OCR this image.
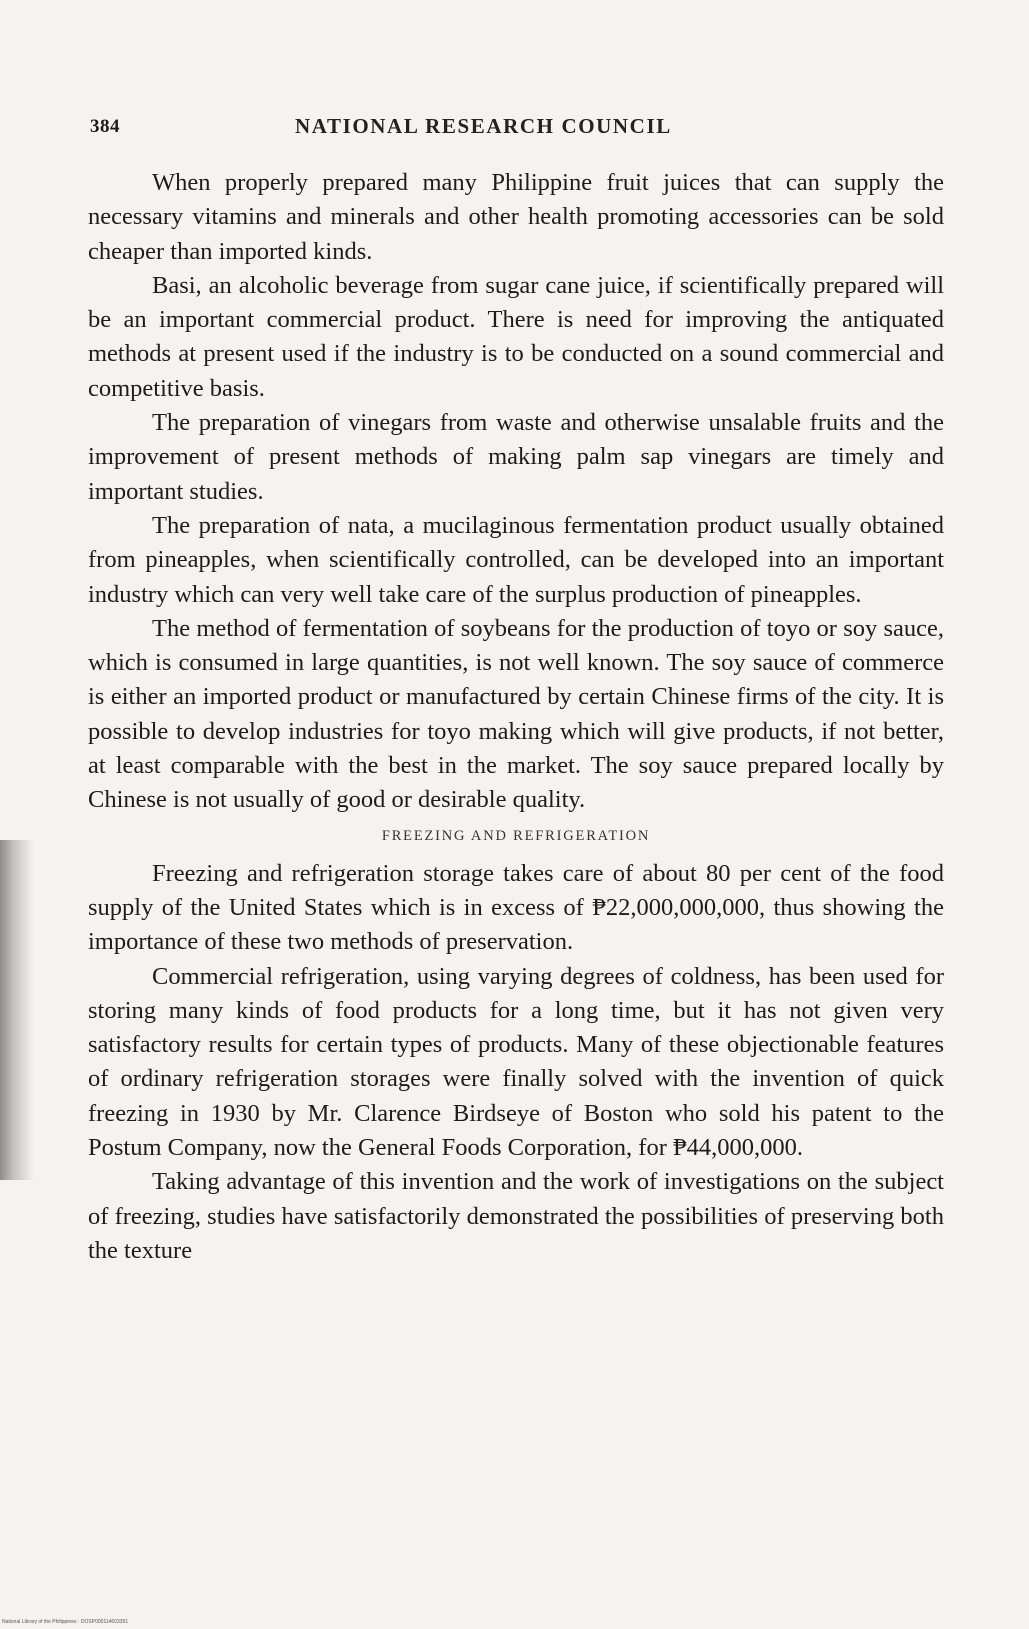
384	NATIONAL RESEARCH COUNCIL

When properly prepared many Philippine fruit juices that can supply the necessary vitamins and minerals and other health promoting accessories can be sold cheaper than imported kinds.

Basi, an alcoholic beverage from sugar cane juice, if scientifically prepared will be an important commercial product. There is need for improving the antiquated methods at present used if the industry is to be conducted on a sound commercial and competitive basis.

The preparation of vinegars from waste and otherwise unsalable fruits and the improvement of present methods of making palm sap vinegars are timely and important studies.

The preparation of nata, a mucilaginous fermentation product usually obtained from pineapples, when scientifically controlled, can be developed into an important industry which can very well take care of the surplus production of pineapples.

The method of fermentation of soybeans for the production of toyo or soy sauce, which is consumed in large quantities, is not well known. The soy sauce of commerce is either an imported product or manufactured by certain Chinese firms of the city. It is possible to develop industries for toyo making which will give products, if not better, at least comparable with the best in the market. The soy sauce prepared locally by Chinese is not usually of good or desirable quality.

FREEZING AND REFRIGERATION

Freezing and refrigeration storage takes care of about 80 per cent of the food supply of the United States which is in excess of ₱22,000,000,000, thus showing the importance of these two methods of preservation.

Commercial refrigeration, using varying degrees of coldness, has been used for storing many kinds of food products for a long time, but it has not given very satisfactory results for certain types of products. Many of these objectionable features of ordinary refrigeration storages were finally solved with the invention of quick freezing in 1930 by Mr. Clarence Birdseye of Boston who sold his patent to the Postum Company, now the General Foods Corporation, for ₱44,000,000.

Taking advantage of this invention and the work of investigations on the subject of freezing, studies have satisfactorily demonstrated the possibilities of preserving both the texture

National Library of the Philippines · DOSP000114603391
